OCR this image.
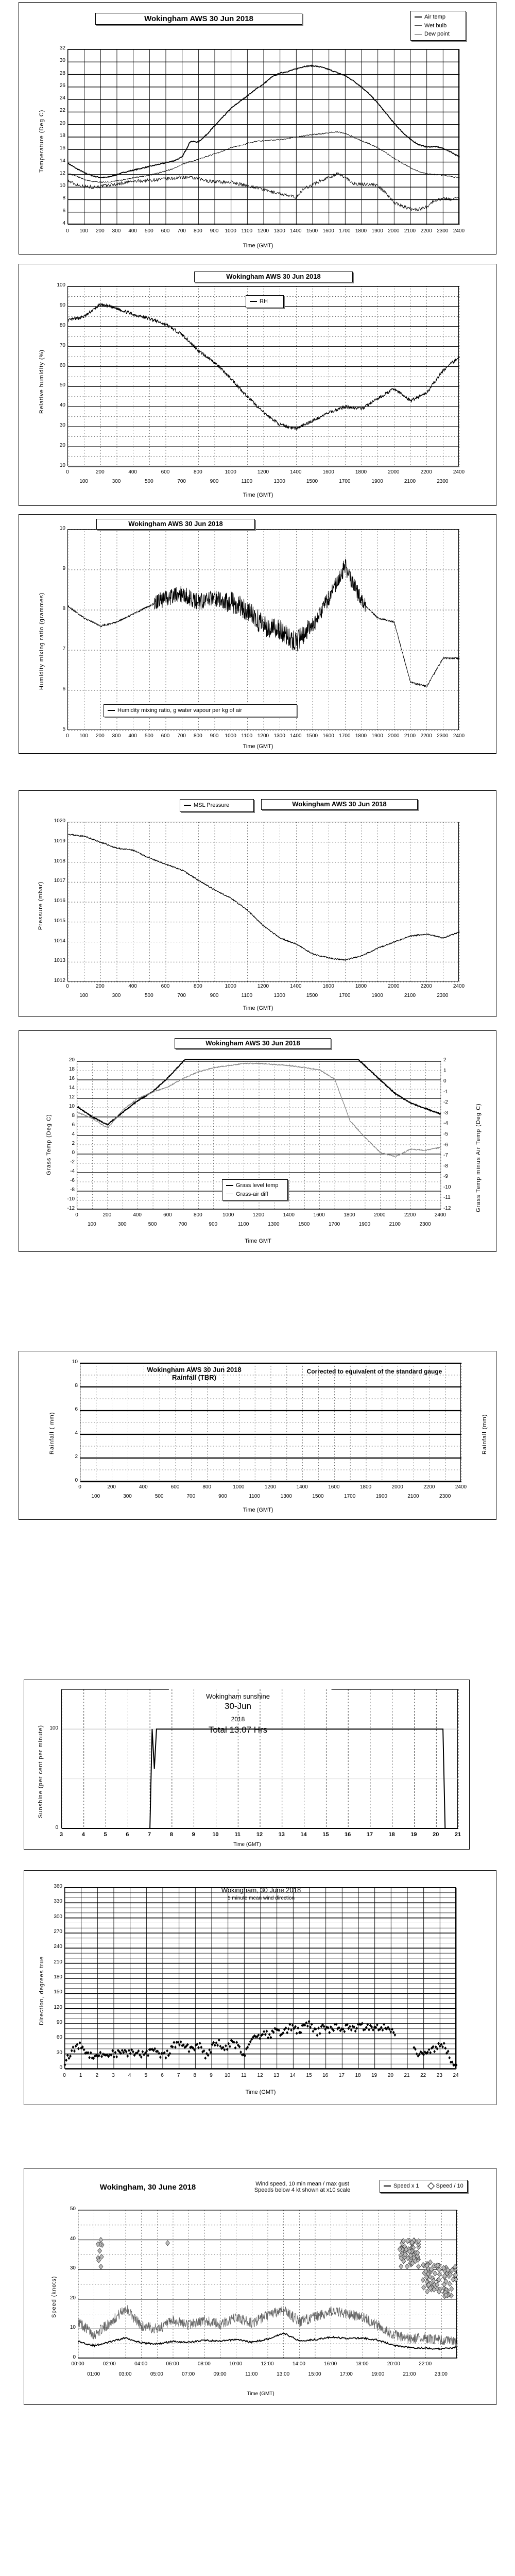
Wokingham AWS 30 Jun 2018	Air temp
Wet bulb
Dew point
Temperature (Deg C)
Time (GMT)
32
30
28
26
24
22
20
18
16
14
12
10
8
6
4
0	100	200	300	400	500	600	700	800	900	1000 1100 1200 1300 1400 1500 1600 1700 1800 1900 2000 2100 2200 2300 2400
Wokingham AWS 30 Jun 2018
RH
Relative humidity (%)
Time (GMT)
100
90
80
70
60
50
40
30
20
10
0	200	400	600	800	1000	1200	1400	1600	1800	2000	2200	2400
100	300	500	700	900	1100	1300	1500	1700	1900	2100	2300
Wokingham AWS 30 Jun 2018
Humidity mixing ratio, g water vapour per kg of air
Humidity mixing ratio (grammes)
Time (GMT)
10
9
8
7
6
5
0	100	200	300	400	500	600	700	800	900	1000 1100 1200 1300 1400 1500 1600 1700 1800 1900 2000 2100 2200 2300 2400
MSL Pressure	Wokingham AWS 30 Jun 2018
Pressure (mbar)
Time (GMT)
1020
1019
1018
1017
1016
1015
1014
1013
1012
0	200	400	600	800	1000	1200	1400	1600	1800	2000	2200	2400
100	300	500	700	900	1100	1300	1500	1700	1900	2100	2300
Wokingham AWS 30 Jun 2018
Grass level temp
Grass-air diff
Grass Temp (Deg C)	Grass Temp minus Air Temp (Deg C)
Time GMT
20
18
16
14
12
10
8
6
4
2
0
-2
-4
-6
-8
-10
-12
2
1
0
-1
-2
-3
-4
-5
-6
-7
-8
-9
-10
-11
-12
0	200	400	600	800	1000	1200	1400	1600	1800	2000	2200	2400
100	300	500	700	900	1100	1300	1500	1700	1900	2100	2300
Wokingham AWS 30 Jun 2018
Rainfall (TBR)
Corrected to equivalent of the standard gauge
Rainfall ( mm)	Rainfall (mm)
Time (GMT)
10
8
6
4
2
0
0	200	400	600	800	1000	1200	1400	1600	1800	2000	2200	2400
100	300	500	700	900	1100	1300	1500	1700	1900	2100	2300
Wokingham sunshine
30-Jun
2018
Total 13.07 Hrs
Sunshine (per cent per minute)
Time (GMT)
100
0
3	4	5	6	7	8	9	10	11	12	13	14	15	16	17	18	19	20	21
Wokingham, 30 June 2018
5 minute mean wind direction
Direction, degrees true
Time (GMT)
360
330
300
270
240
210
180
150
120
90
60
30
0
0	1	2	3	4	5	6	7	8	9	10	11	12	13	14	15	16	17	18	19	20	21	22	23	24
Wokingham, 30 June 2018	Wind speed, 10 min mean / max gust
Speeds below 4 kt shown at x10 scale
Speed x 1	Speed / 10
Speed (knots)
Time (GMT)
50
40
30
20
10
0
00:00	02:00	04:00	06:00	08:00	10:00	12:00	14:00	16:00	18:00	20:00	22:00
01:00	03:00	05:00	07:00	09:00	11:00	13:00	15:00	17:00	19:00	21:00	23:00
